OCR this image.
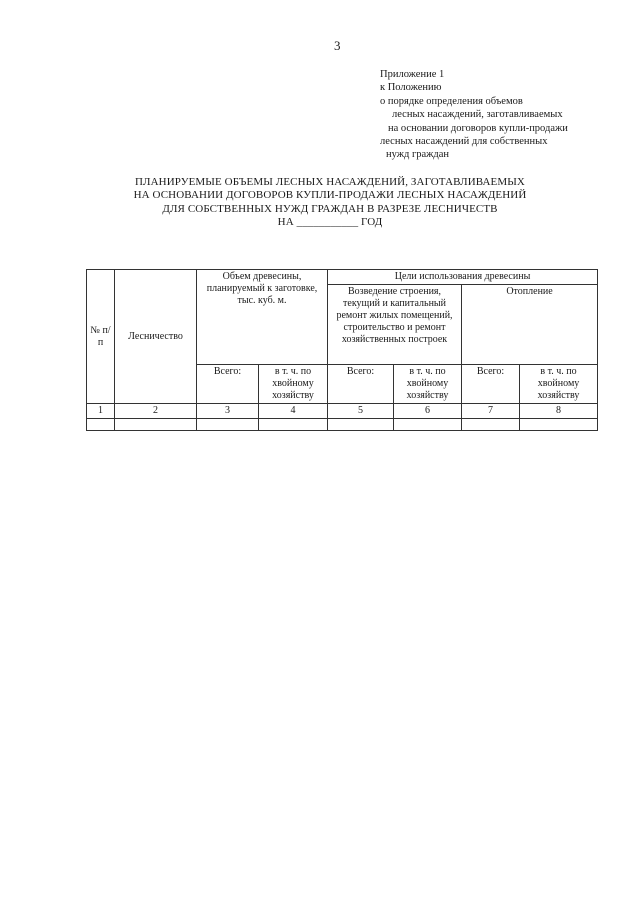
3
Приложение 1
к Положению
о порядке определения объемов
лесных насаждений, заготавливаемых
на основании договоров купли-продажи
лесных насаждений для собственных
нужд граждан
ПЛАНИРУЕМЫЕ ОБЪЕМЫ ЛЕСНЫХ НАСАЖДЕНИЙ, ЗАГОТАВЛИВАЕМЫХ
НА ОСНОВАНИИ ДОГОВОРОВ КУПЛИ-ПРОДАЖИ ЛЕСНЫХ НАСАЖДЕНИЙ
ДЛЯ СОБСТВЕННЫХ НУЖД ГРАЖДАН В РАЗРЕЗЕ ЛЕСНИЧЕСТВ
НА ___________ ГОД
№ п/п	Лесничество	Объем древесины, планируемый к заготовке, тыс. куб. м.		Цели использования древесины			
				Возведение строения, текущий и капитальный ремонт жилых помещений, строительство и ремонт хозяйственных построек		Отопление	
		Всего:	в т. ч. по хвойному хозяйству	Всего:	в т. ч. по хвойному хозяйству	Всего:	в т. ч. по хвойному хозяйству
1	2	3	4	5	6	7	8
